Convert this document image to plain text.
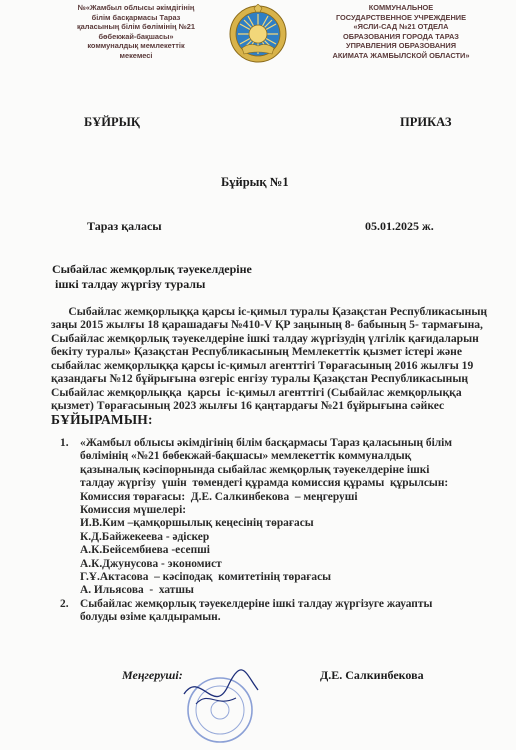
№«Жамбыл облысы әкімдігінің
білім басқармасы Тараз
қаласының білім бөлімінің №21
бөбекжай-бақшасы»
коммуналдық мемлекеттік
мекемесі
КОММУНАЛЬНОЕ
ГОСУДАРСТВЕННОЕ УЧРЕЖДЕНИЕ
«ЯСЛИ-САД №21 ОТДЕЛА
ОБРАЗОВАНИЯ ГОРОДА ТАРАЗ
УПРАВЛЕНИЯ ОБРАЗОВАНИЯ
АКИМАТА ЖАМБЫЛСКОЙ ОБЛАСТИ»
БҰЙРЫҚ	ПРИКАЗ
Бұйрық №1
Тараз қаласы	05.01.2025 ж.
Сыбайлас жемқорлық тәуекелдеріне
ішкі талдау жүргізу туралы
Сыбайлас жемқорлыққа қарсы іс-қимыл туралы Қазақстан Республикасының
заңы 2015 жылғы 18 қарашадағы №410-V ҚР заңының 8- бабының 5- тармағына,
Сыбайлас жемқорлық тәуекелдеріне ішкі талдау жүргізудің үлгілік қағидаларын
бекіту туралы» Қазақстан Республикасының Мемлекеттік қызмет істері және
сыбайлас жемқорлыққа қарсы іс-қимыл агенттігі Төрағасының 2016 жылғы 19
қазандағы №12 бұйрығына өзгеріс енгізу туралы Қазақстан Республикасының
Сыбайлас жемқорлыққа  қарсы  іс-қимыл агенттігі (Сыбайлас жемқорлыққа
қызмет) Төрағасының 2023 жылғы 16 қаңтардағы №21 бұйрығына сәйкес
БҰЙЫРАМЫН:
1. «Жамбыл облысы әкімдігінің білім басқармасы Тараз қаласының білім
бөлімінің «№21 бөбекжай-бақшасы» мемлекеттік коммуналдық
қазыналық кәсіпорнында сыбайлас жемқорлық тәуекелдеріне ішкі
талдау жүргізу  үшін  төмендегі құрамда комиссия құрамы  құрылсын:
Комиссия төрағасы:  Д.Е. Салкинбекова  – меңгеруші
Комиссия мүшелері:
И.В.Ким –қамқоршылық кеңесінің төрағасы
К.Д.Байжекеева - әдіскер
А.К.Бейсембиева -есепші
А.К.Джунусова - экономист
Г.Ұ.Актасова  – кәсіподақ  комитетінің төрағасы
А. Ильясова  -  хатшы
2. Сыбайлас жемқорлық тәуекелдеріне ішкі талдау жүргізуге жауапты
болуды өзіме қалдырамын.
Меңгеруші:	Д.Е. Салкинбекова
